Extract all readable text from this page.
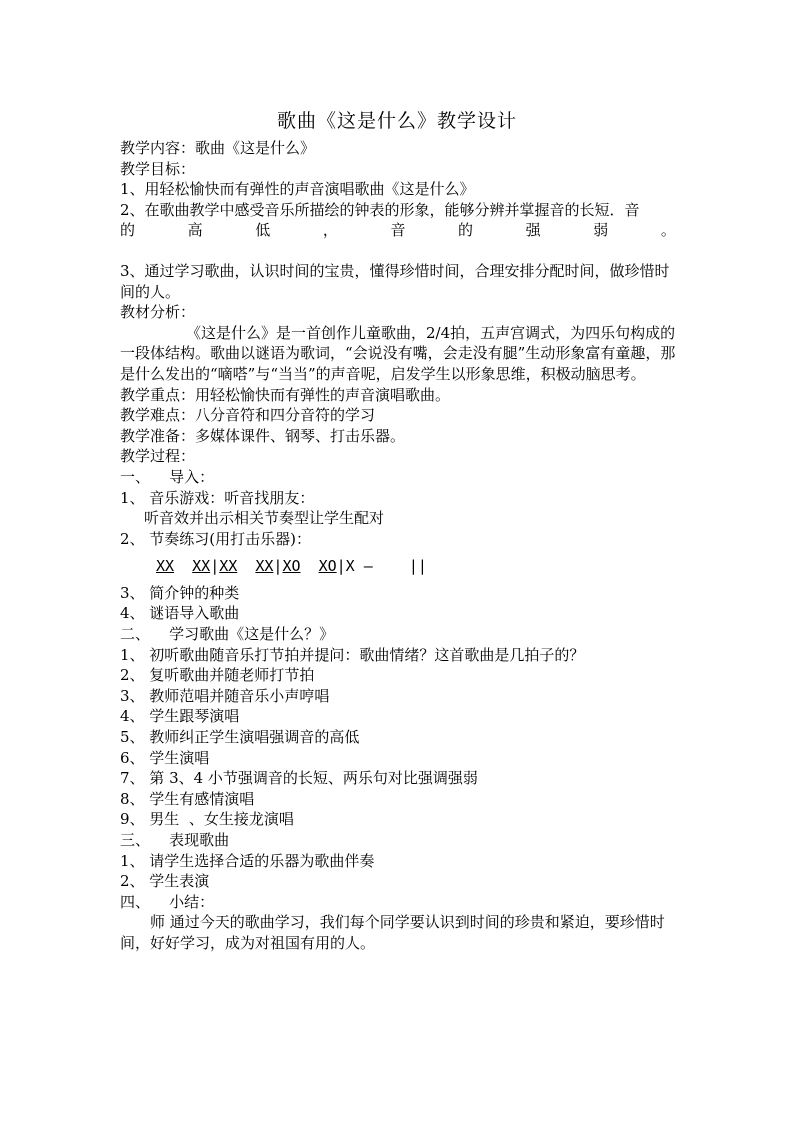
歌曲《这是什么》教学设计
教学内容：歌曲《这是什么》
教学目标：
1、用轻松愉快而有弹性的声音演唱歌曲《这是什么》
2、在歌曲教学中感受音乐所描绘的钟表的形象，能够分辨并掌握音的长短．音
的	高	低	，	音	的	强	弱	。
3、通过学习歌曲，认识时间的宝贵，懂得珍惜时间，合理安排分配时间，做珍惜时间的人。
教材分析：
《这是什么》是一首创作儿童歌曲，2/4拍，五声宫调式，为四乐句构成的一段体结构。歌曲以谜语为歌词，“会说没有嘴，会走没有腿”生动形象富有童趣，那是什么发出的“嘀嗒”与“当当”的声音呢，启发学生以形象思维，积极动脑思考。
教学重点：用轻松愉快而有弹性的声音演唱歌曲。
教学难点：八分音符和四分音符的学习
教学准备：多媒体课件、钢琴、打击乐器。
教学过程：
一、    导入：
1、 音乐游戏：听音找朋友：
听音效并出示相关节奏型让学生配对
2、 节奏练习(用打击乐器)：
XX XX|XX XX|XO XO|X —    ||
3、 简介钟的种类
4、 谜语导入歌曲
二、    学习歌曲《这是什么？》
1、 初听歌曲随音乐打节拍并提问：歌曲情绪？这首歌曲是几拍子的？
2、 复听歌曲并随老师打节拍
3、 教师范唱并随音乐小声哼唱
4、 学生跟琴演唱
5、 教师纠正学生演唱强调音的高低
6、 学生演唱
7、 第 3、4 小节强调音的长短、两乐句对比强调强弱
8、 学生有感情演唱
9、 男生  、女生接龙演唱
三、    表现歌曲
1、 请学生选择合适的乐器为歌曲伴奏
2、 学生表演
四、    小结：
师 通过今天的歌曲学习，我们每个同学要认识到时间的珍贵和紧迫，要珍惜时间，好好学习，成为对祖国有用的人。
